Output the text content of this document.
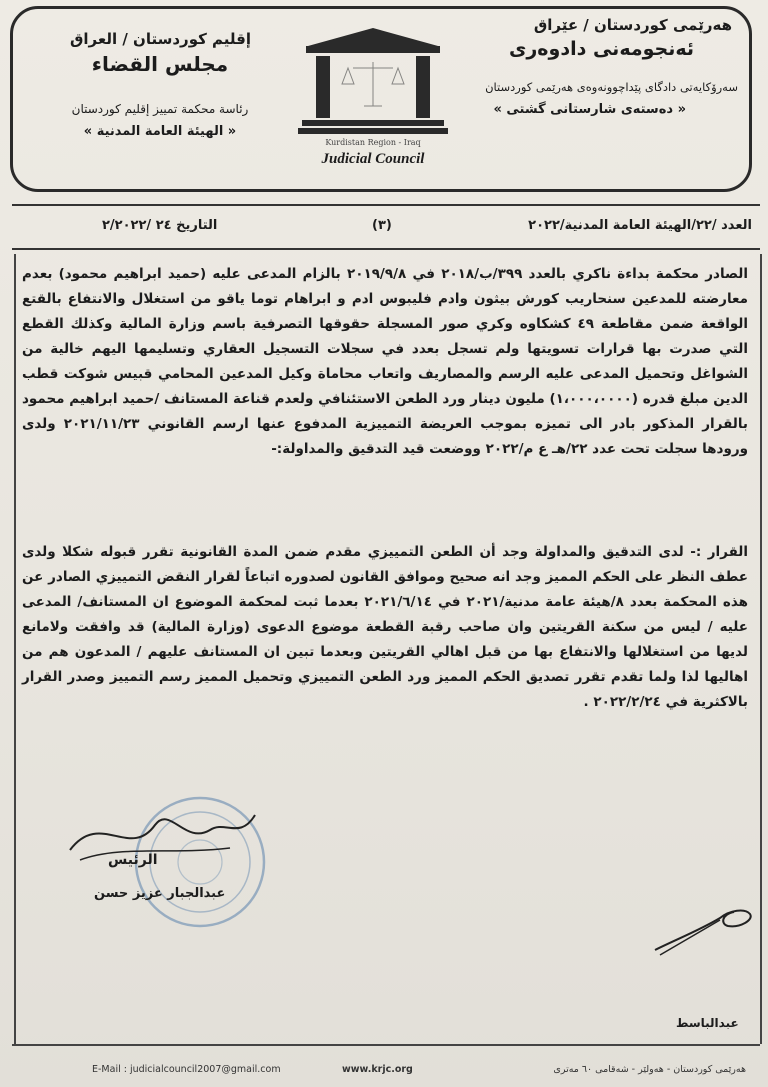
هەرێمی كوردستان / عێراق
ئەنجومەنی دادوەری
سەرۆكایەتی دادگای پێداچوونەوەی هەرێمی كوردستان
« دەستەی شارستانی گشتی »
إقليم كوردستان / العراق
مجلس القضاء
رئاسة محكمة تمييز إقليم كوردستان
« الهيئة العامة المدنية »
Kurdistan Region - Iraq
Judicial Council
العدد /٢٢/الهيئة العامة المدنية/٢٠٢٢
(٣)
التاريخ ٢٤ /٢/٢٠٢٢
الصادر محكمة بداءة ناكري بالعدد ٣٩٩/ب/٢٠١٨ في ٢٠١٩/٩/٨ بالزام المدعى عليه (حميد ابراهيم محمود) بعدم معارضته للمدعين سنحاريب كورش بيثون وادم فليبوس ادم و ابراهام توما ياقو من استغلال والانتفاع بالقتع الواقعة ضمن مقاطعة ٤٩ كشكاوه وكري صور المسجلة حقوقها التصرفية باسم وزارة المالية وكذلك القطع التي صدرت بها قرارات تسويتها ولم تسجل بعدد في سجلات التسجيل العقاري وتسليمها اليهم خالية من الشواغل وتحميل المدعى عليه الرسم والمصاريف واتعاب محاماة وكيل المدعين المحامي قبيس شوكت قطب الدين مبلغ قدره (١،٠٠٠،٠٠٠٠) مليون دينار ورد الطعن الاستئنافي ولعدم قناعة المستانف /حميد ابراهيم محمود بالقرار المذكور بادر الى تميزه بموجب العريضة التمييزية المدفوع عنها ارسم القانوني ٢٠٢١/١١/٢٣ ولدى ورودها سجلت تحت عدد ٢٢/هـ ع م/٢٠٢٢ ووضعت قيد التدقيق والمداولة:-
القرار :- لدى التدقيق والمداولة وجد أن الطعن التمييزي مقدم ضمن المدة القانونية تقرر قبوله شكلا ولدى عطف النظر على الحكم المميز وجد انه صحيح وموافق القانون لصدوره اتباعاً لقرار النقض التمييزي الصادر عن هذه المحكمة بعدد ٨/هيئة عامة مدنية/٢٠٢١ في ٢٠٢١/٦/١٤ بعدما ثبت لمحكمة الموضوع ان المستانف/ المدعى عليه / ليس من سكنة القريتين وان صاحب رقبة القطعة موضوع الدعوى (وزارة المالية) قد وافقت ولامانع لديها من استغلالها والانتفاع بها من قبل اهالي القريتين وبعدما تبين ان المستانف عليهم / المدعون هم من اهاليها لذا ولما تقدم تقرر تصديق الحكم المميز ورد الطعن التمييزي وتحميل المميز رسم التمييز وصدر القرار بالاكثرية في ٢٠٢٢/٢/٢٤ .
الرئيس
عبدالجبار عزيز حسن
عبدالباسط
E-Mail : judicialcouncil2007@gmail.com	www.krjc.org	هەرێمی كوردستان - هەولێر - شەقامی ٦٠ مەتری
